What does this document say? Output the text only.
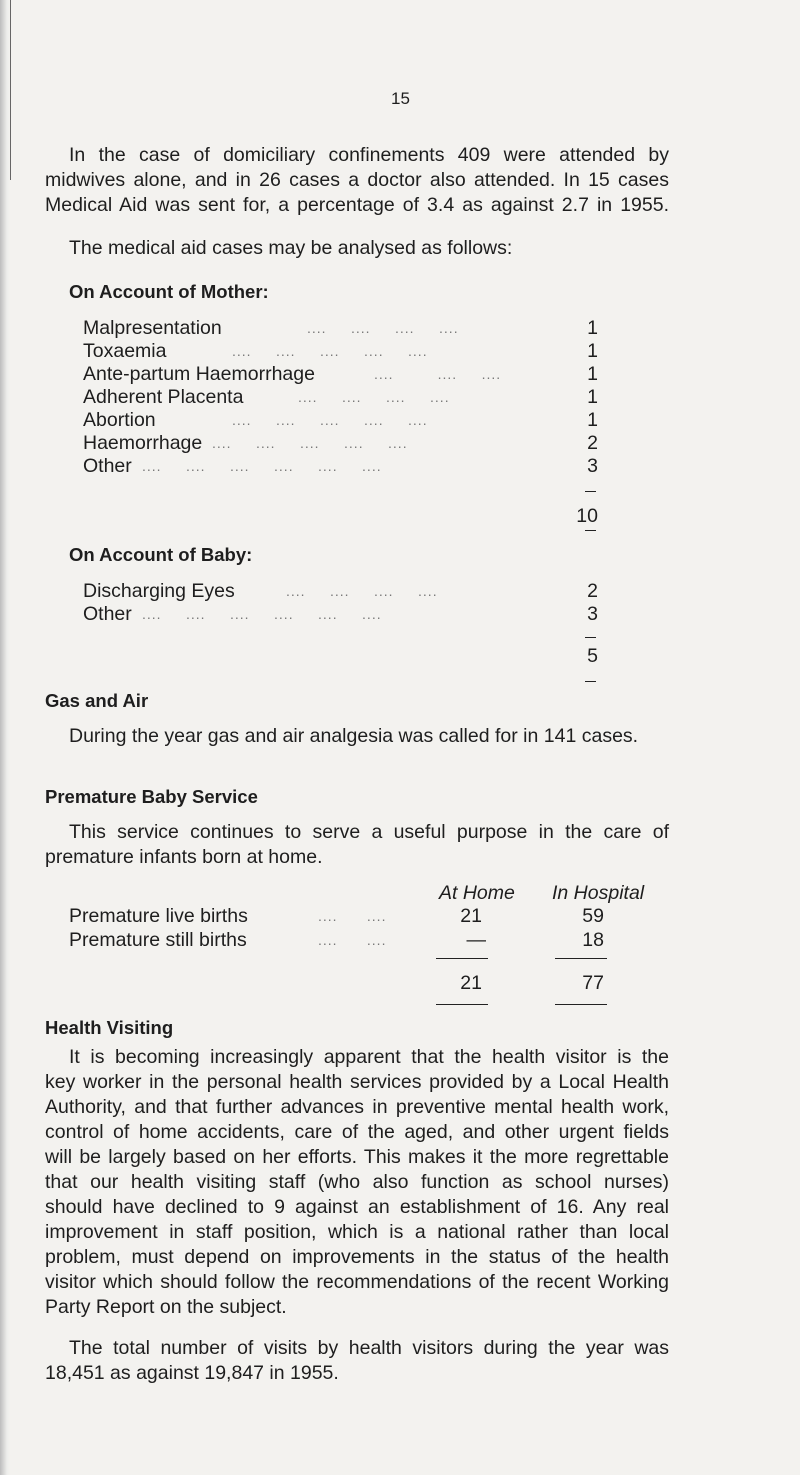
15
In the case of domiciliary confinements 409 were attended by
midwives alone, and in 26 cases a doctor also attended. In 15 cases
Medical Aid was sent for, a percentage of 3.4 as against 2.7 in 1955.
The medical aid cases may be analysed as follows:
On Account of Mother:
Malpresentation	....     ....     ....     ....	1
Toxaemia	....     ....     ....     ....     ....	1
Ante-partum Haemorrhage	....         ....     ....	1
Adherent Placenta	....     ....     ....     ....	1
Abortion	....     ....     ....     ....     ....	1
Haemorrhage ....     ....     ....     ....     ....	2
Other ....     ....     ....     ....     ....     ....	3
10
On Account of Baby:
Discharging Eyes	....     ....     ....     ....	2
Other ....     ....     ....     ....     ....     ....	3
5
Gas and Air
During the year gas and air analgesia was called for in 141 cases.
Premature Baby Service
This service continues to serve a useful purpose in the care of
premature infants born at home.
At Home In Hospital
Premature live births	....      ....	21	59
Premature still births	....      ....	—	18
21	77
Health Visiting
It is becoming increasingly apparent that the health visitor is the
key worker in the personal health services provided by a Local Health
Authority, and that further advances in preventive mental health work,
control of home accidents, care of the aged, and other urgent fields
will be largely based on her efforts. This makes it the more regrettable
that our health visiting staff (who also function as school nurses)
should have declined to 9 against an establishment of 16. Any real
improvement in staff position, which is a national rather than local
problem, must depend on improvements in the status of the health
visitor which should follow the recommendations of the recent Working
Party Report on the subject.
The total number of visits by health visitors during the year was
18,451 as against 19,847 in 1955.
